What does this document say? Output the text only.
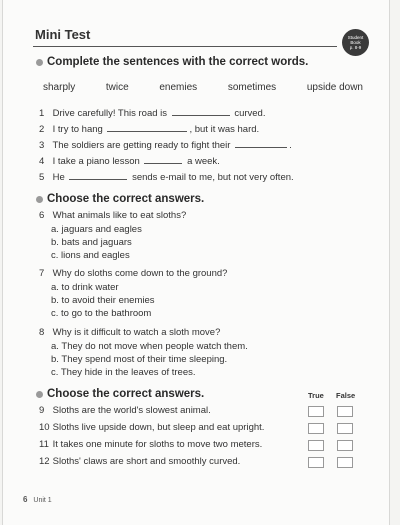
Mini Test	Student
Book
p. 8-9
Complete the sentences with the correct words.
sharply	twice	enemies	sometimes	upside down
1 Drive carefully! This road is	curved.
2 I try to hang	, but it was hard.
3 The soldiers are getting ready to fight their	.
4 I take a piano lesson	a week.
5 He	sends e-mail to me, but not very often.
Choose the correct answers.
6 What animals like to eat sloths?
a. jaguars and eagles
b. bats and jaguars
c. lions and eagles
7 Why do sloths come down to the ground?
a. to drink water
b. to avoid their enemies
c. to go to the bathroom
8 Why is it difficult to watch a sloth move?
a. They do not move when people watch them.
b. They spend most of their time sleeping.
c. They hide in the leaves of trees.
Choose the correct answers.	True False
9 Sloths are the world's slowest animal.
10 Sloths live upside down, but sleep and eat upright.
11 It takes one minute for sloths to move two meters.
12 Sloths' claws are short and smoothly curved.
6 Unit 1
